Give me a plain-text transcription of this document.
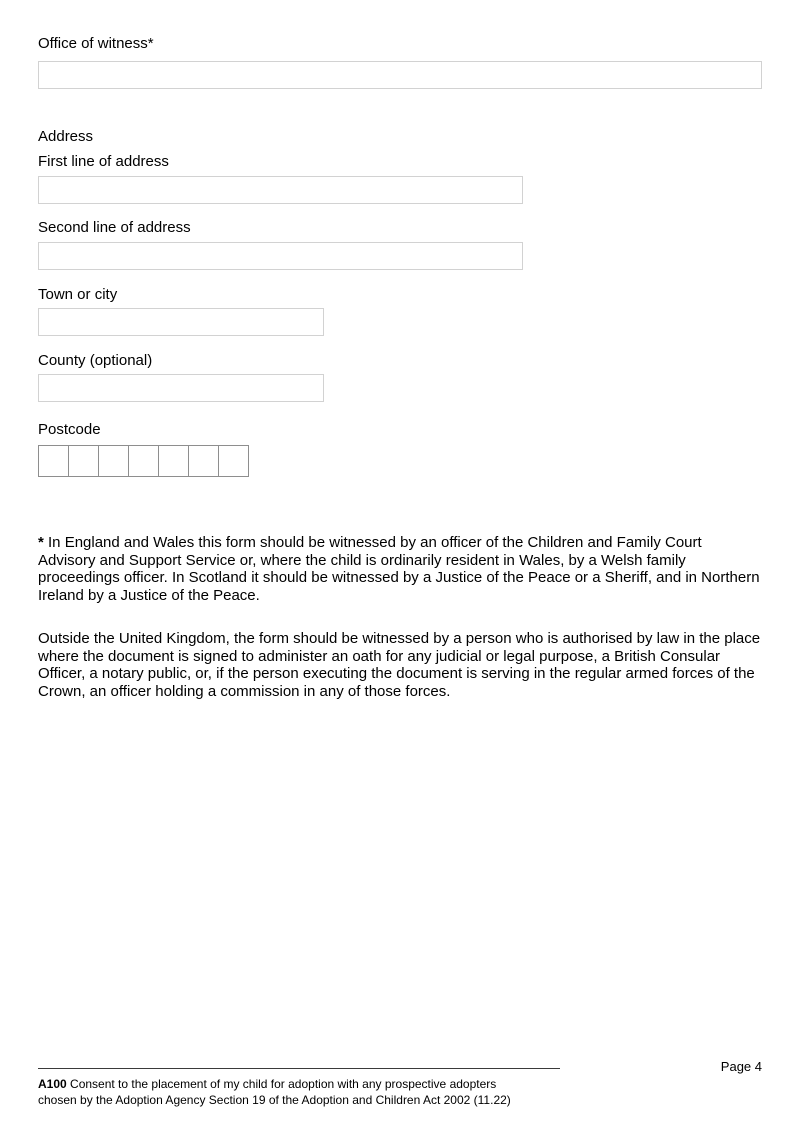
Office of witness*
Address
First line of address
Second line of address
Town or city
County (optional)
Postcode

* In England and Wales this form should be witnessed by an officer of the Children and Family Court Advisory and Support Service or, where the child is ordinarily resident in Wales, by a Welsh family proceedings officer. In Scotland it should be witnessed by a Justice of the Peace or a Sheriff, and in Northern Ireland by a Justice of the Peace.

Outside the United Kingdom, the form should be witnessed by a person who is authorised by law in the place where the document is signed to administer an oath for any judicial or legal purpose, a British Consular Officer, a notary public, or, if the person executing the document is serving in the regular armed forces of the Crown, an officer holding a commission in any of those forces.

Page 4

A100 Consent to the placement of my child for adoption with any prospective adopters chosen by the Adoption Agency Section 19 of the Adoption and Children Act 2002 (11.22)
